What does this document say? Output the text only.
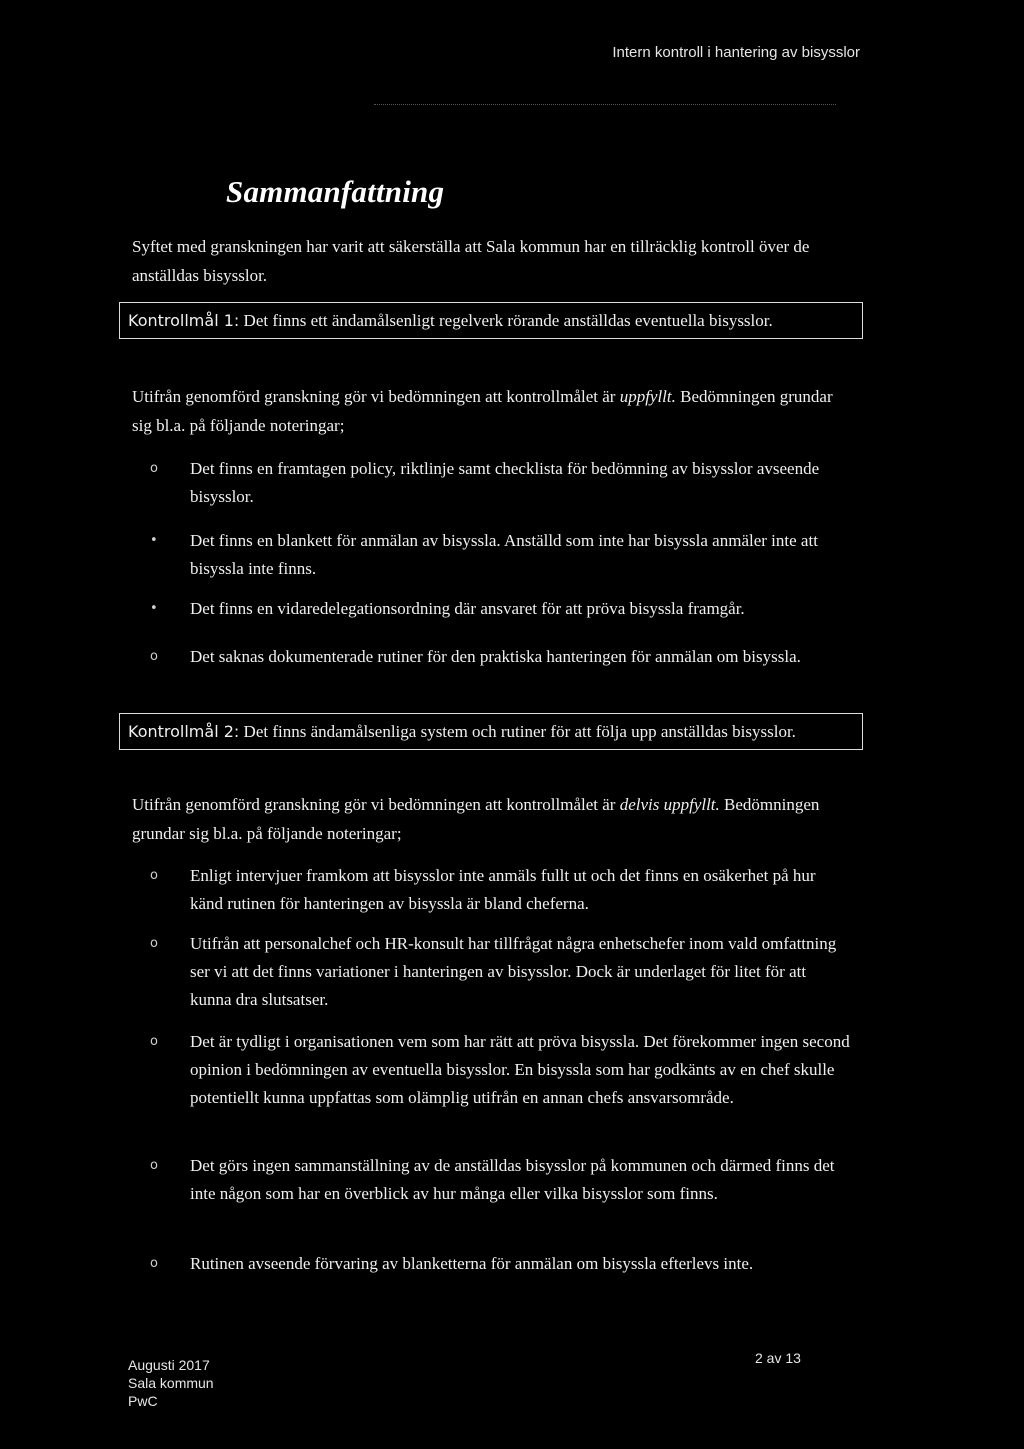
Intern kontroll i hantering av bisysslor
Sammanfattning
Syftet med granskningen har varit att säkerställa att Sala kommun har en tillräcklig kontroll över de anställdas bisysslor.
Kontrollmål 1: Det finns ett ändamålsenligt regelverk rörande anställdas eventuella bisysslor.
Utifrån genomförd granskning gör vi bedömningen att kontrollmålet är uppfyllt. Bedömningen grundar sig bl.a. på följande noteringar;
o Det finns en framtagen policy, riktlinje samt checklista för bedömning av bisysslor avseende bisysslor.
• Det finns en blankett för anmälan av bisyssla. Anställd som inte har bisyssla anmäler inte att bisyssla inte finns.
• Det finns en vidaredelegationsordning där ansvaret för att pröva bisyssla framgår.
o Det saknas dokumenterade rutiner för den praktiska hanteringen för anmälan om bisyssla.
Kontrollmål 2: Det finns ändamålsenliga system och rutiner för att följa upp anställdas bisysslor.
Utifrån genomförd granskning gör vi bedömningen att kontrollmålet är delvis uppfyllt. Bedömningen grundar sig bl.a. på följande noteringar;
o Enligt intervjuer framkom att bisysslor inte anmäls fullt ut och det finns en osäkerhet på hur känd rutinen för hanteringen av bisyssla är bland cheferna.
o Utifrån att personalchef och HR-konsult har tillfrågat några enhetschefer inom vald omfattning ser vi att det finns variationer i hanteringen av bisysslor. Dock är underlaget för litet för att kunna dra slutsatser.
o Det är tydligt i organisationen vem som har rätt att pröva bisyssla. Det förekommer ingen second opinion i bedömningen av eventuella bisysslor. En bisyssla som har godkänts av en chef skulle potentiellt kunna uppfattas som olämplig utifrån en annan chefs ansvarsområde.
o Det görs ingen sammanställning av de anställdas bisysslor på kommunen och därmed finns det inte någon som har en överblick av hur många eller vilka bisysslor som finns.
o Rutinen avseende förvaring av blanketterna för anmälan om bisyssla efterlevs inte.
Augusti 2017
Sala kommun
PwC
2 av 13
